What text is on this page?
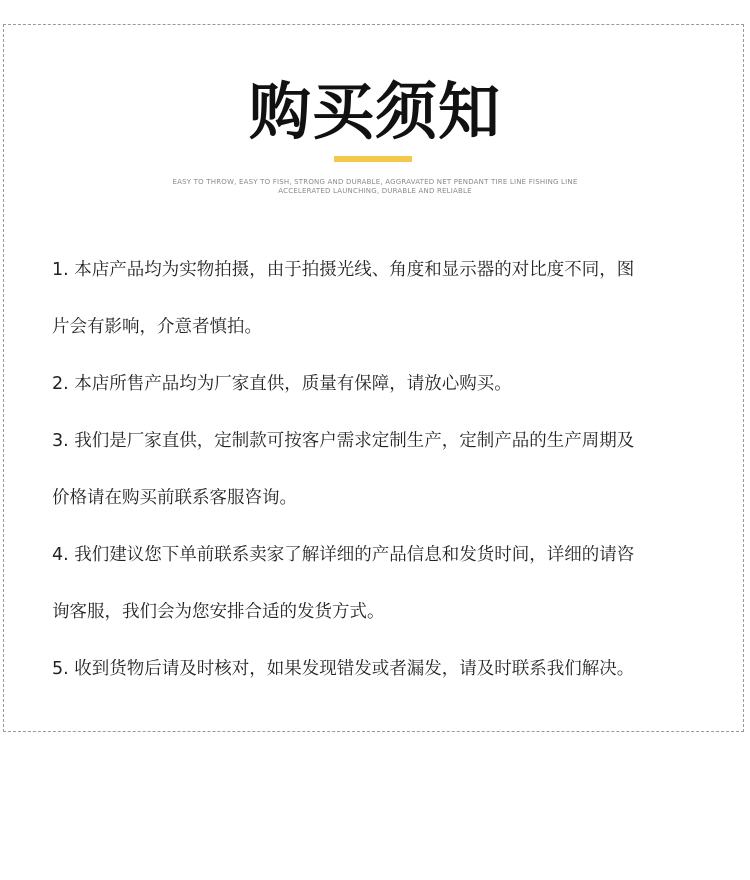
购买须知
EASY TO THROW, EASY TO FISH, STRONG AND DURABLE, AGGRAVATED NET PENDANT TIRE LINE FISHING LINE
ACCELERATED LAUNCHING, DURABLE AND RELIABLE
1. 本店产品均为实物拍摄，由于拍摄光线、角度和显示器的对比度不同，图
片会有影响，介意者慎拍。
2. 本店所售产品均为厂家直供，质量有保障，请放心购买。
3. 我们是厂家直供，定制款可按客户需求定制生产，定制产品的生产周期及
价格请在购买前联系客服咨询。
4. 我们建议您下单前联系卖家了解详细的产品信息和发货时间，详细的请咨
询客服，我们会为您安排合适的发货方式。
5. 收到货物后请及时核对，如果发现错发或者漏发，请及时联系我们解决。
